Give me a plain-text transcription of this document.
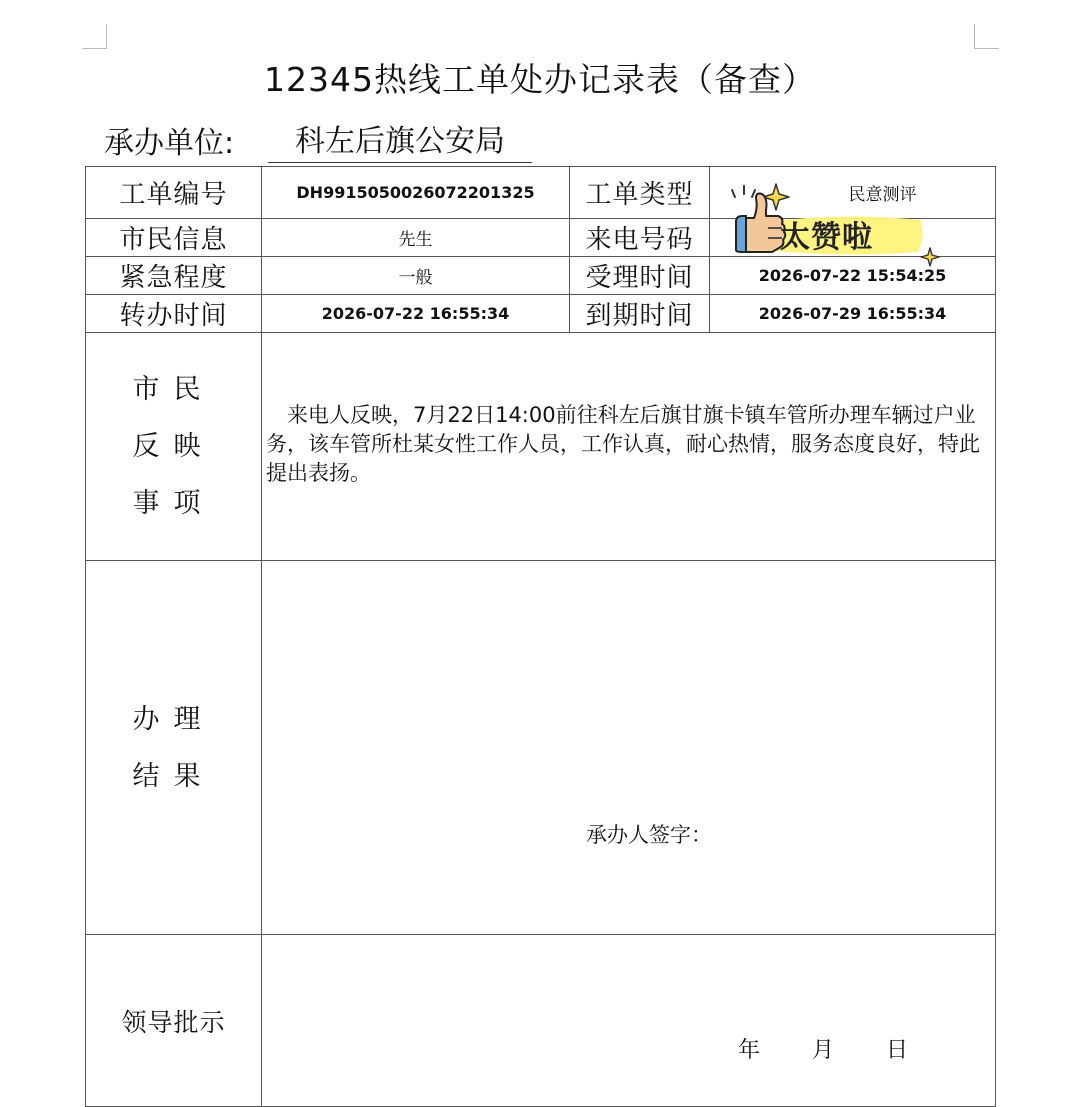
12345热线工单处办记录表（备查）
承办单位:	科左后旗公安局
工单编号	DH9915050026072201325	工单类型	民意测评
市民信息	先生	来电号码	
紧急程度	一般	受理时间	2026-07-22 15:54:25
转办时间	2026-07-22 16:55:34	到期时间	2026-07-29 16:55:34

市民
反映
事项	来电人反映，7月22日14:00前往科左后旗甘旗卡镇车管所办理车辆过户业务，该车管所杜某女性工作人员，工作认真，耐心热情，服务态度良好，特此提出表扬。		

办理
结果	承办人签字：		

领导批示	年 月 日		
太赞啦
